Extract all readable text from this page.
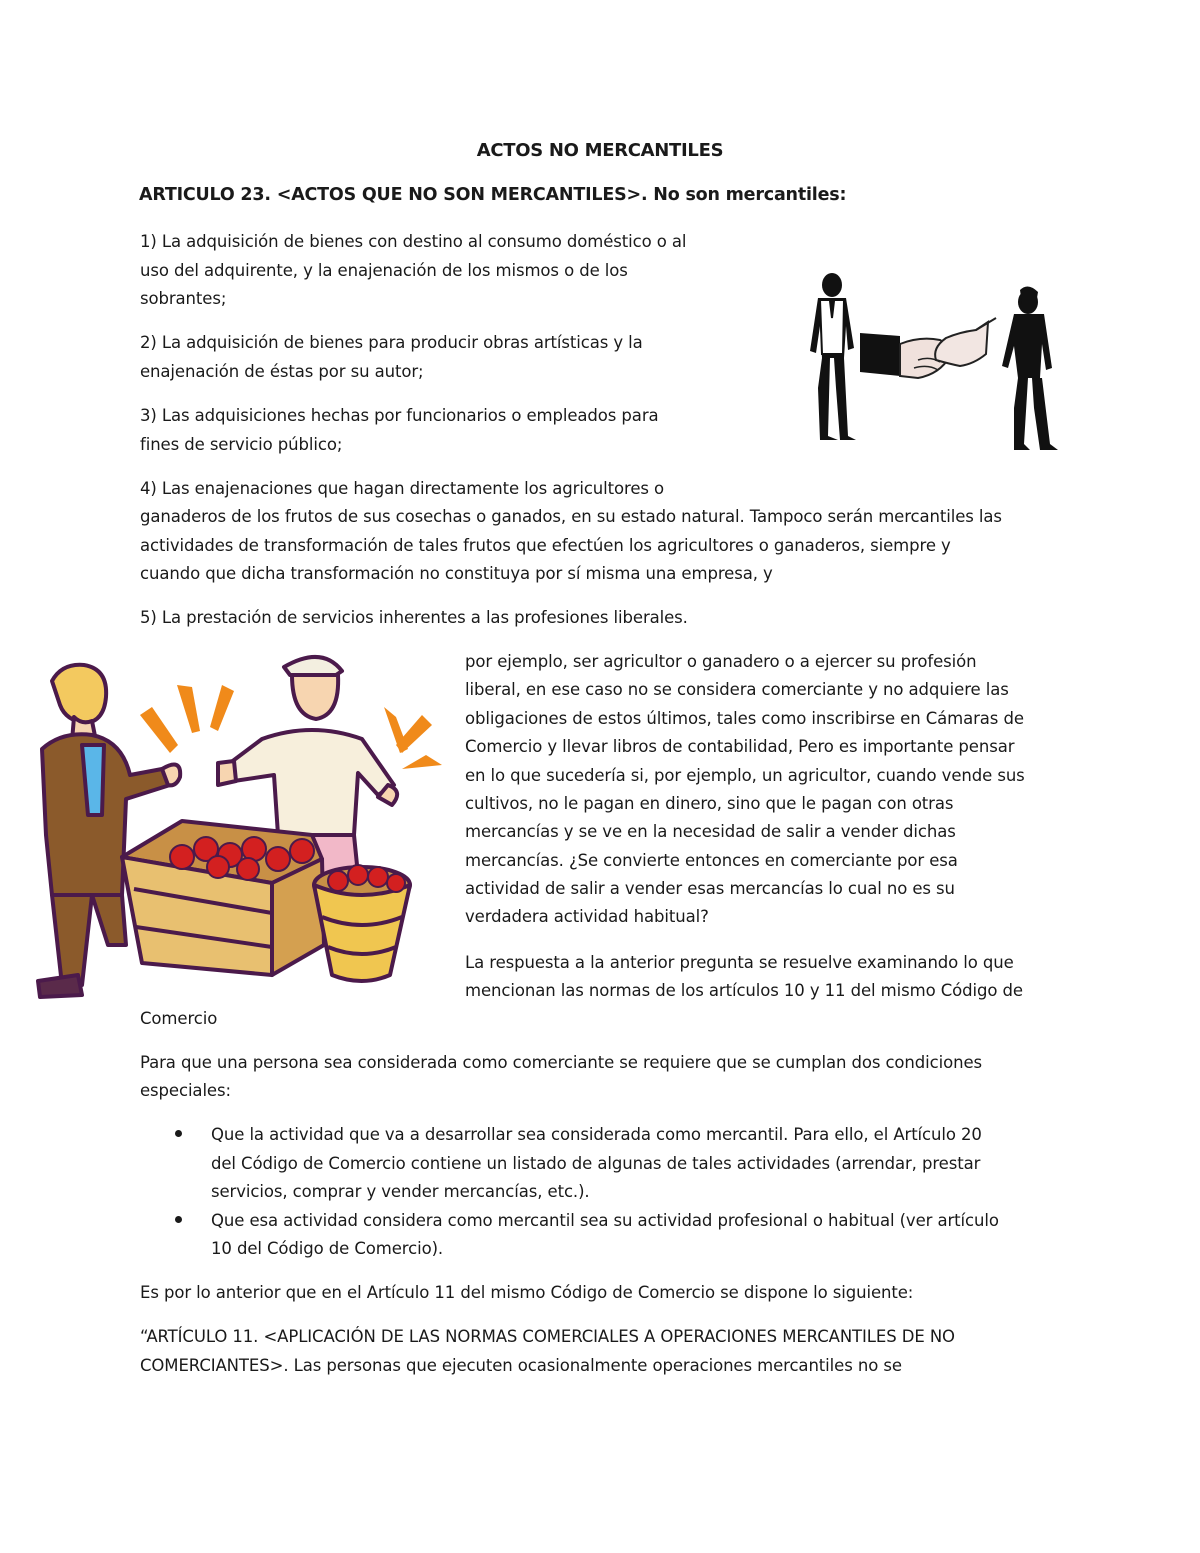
ACTOS NO MERCANTILES
ARTICULO 23. <ACTOS QUE NO SON MERCANTILES>. No son mercantiles:
1) La adquisición de bienes con destino al consumo doméstico o al
uso del adquirente, y la enajenación de los mismos o de los
sobrantes;
2) La adquisición de bienes para producir obras artísticas y la
enajenación de éstas por su autor;
3) Las adquisiciones hechas por funcionarios o empleados para
fines de servicio público;
4) Las enajenaciones que hagan directamente los agricultores o
ganaderos de los frutos de sus cosechas o ganados, en su estado natural. Tampoco serán mercantiles las
actividades de transformación de tales frutos que efectúen los agricultores o ganaderos, siempre y
cuando que dicha transformación no constituya por sí misma una empresa, y
5) La prestación de servicios inherentes a las profesiones liberales.
por ejemplo, ser agricultor o ganadero o a ejercer su profesión
liberal, en ese caso no se considera comerciante y no adquiere las
obligaciones de estos últimos, tales como inscribirse en Cámaras de
Comercio y llevar libros de contabilidad, Pero es importante pensar
en lo que sucedería si, por ejemplo, un agricultor, cuando vende sus
cultivos, no le pagan en dinero, sino que le pagan con otras
mercancías y se ve en la necesidad de salir a vender dichas
mercancías. ¿Se convierte entonces en comerciante por esa
actividad de salir a vender esas mercancías lo cual no es su
verdadera actividad habitual?
La respuesta a la anterior pregunta se resuelve examinando lo que
mencionan las normas de los artículos 10 y 11 del mismo Código de
Comercio
Para que una persona sea considerada como comerciante se requiere que se cumplan dos condiciones
especiales:
Que la actividad que va a desarrollar sea considerada como mercantil. Para ello, el Artículo 20
del Código de Comercio contiene un listado de algunas de tales actividades (arrendar, prestar
servicios, comprar y vender mercancías, etc.).
Que esa actividad considera como mercantil sea su actividad profesional o habitual (ver artículo
10 del Código de Comercio).
Es por lo anterior que en el Artículo 11 del mismo Código de Comercio se dispone lo siguiente:
“ARTÍCULO 11. <APLICACIÓN DE LAS NORMAS COMERCIALES A OPERACIONES MERCANTILES DE NO
COMERCIANTES>. Las personas que ejecuten ocasionalmente operaciones mercantiles no se
